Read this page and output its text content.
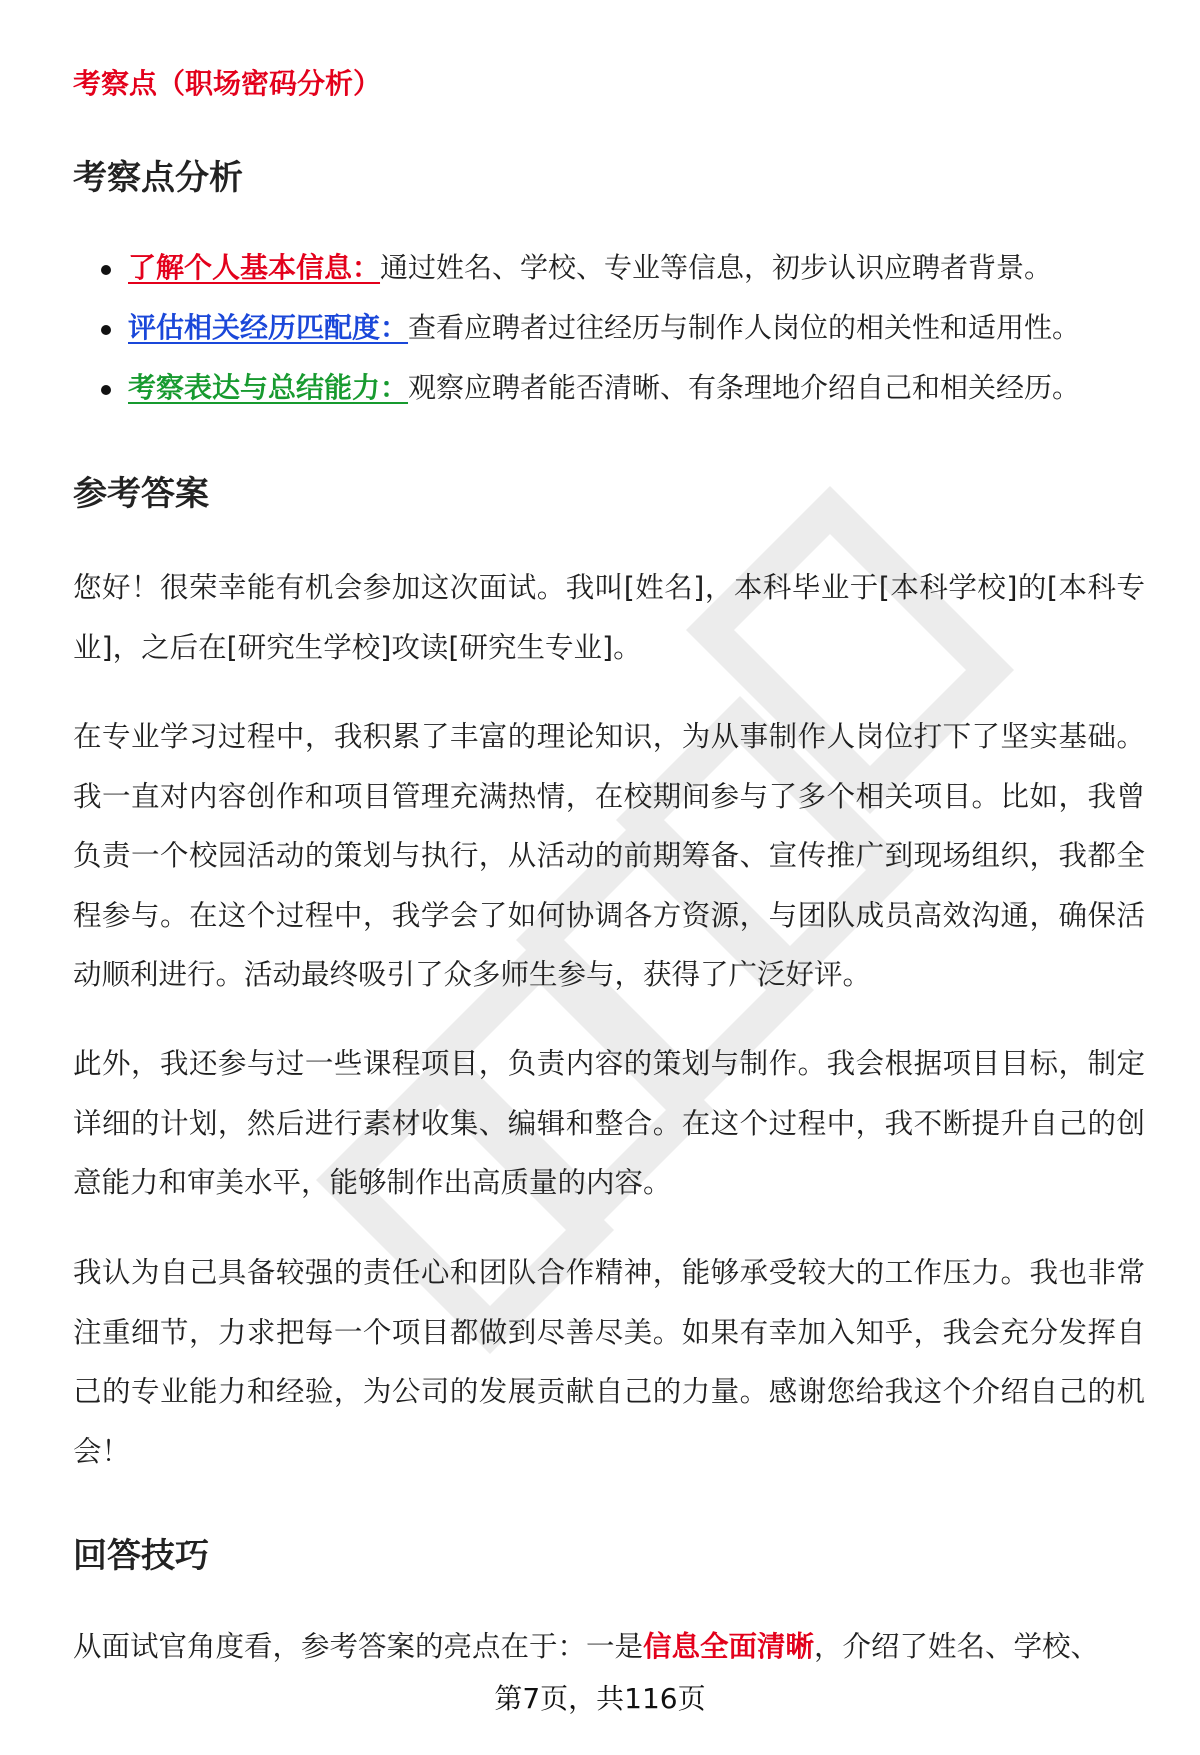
考察点（职场密码分析）
考察点分析
了解个人基本信息：通过姓名、学校、专业等信息，初步认识应聘者背景。
评估相关经历匹配度：查看应聘者过往经历与制作人岗位的相关性和适用性。
考察表达与总结能力：观察应聘者能否清晰、有条理地介绍自己和相关经历。
参考答案

您好！很荣幸能有机会参加这次面试。我叫[姓名]，本科毕业于[本科学校]的[本科专业]，之后在[研究生学校]攻读[研究生专业]。

在专业学习过程中，我积累了丰富的理论知识，为从事制作人岗位打下了坚实基础。我一直对内容创作和项目管理充满热情，在校期间参与了多个相关项目。比如，我曾负责一个校园活动的策划与执行，从活动的前期筹备、宣传推广到现场组织，我都全程参与。在这个过程中，我学会了如何协调各方资源，与团队成员高效沟通，确保活动顺利进行。活动最终吸引了众多师生参与，获得了广泛好评。

此外，我还参与过一些课程项目，负责内容的策划与制作。我会根据项目目标，制定详细的计划，然后进行素材收集、编辑和整合。在这个过程中，我不断提升自己的创意能力和审美水平，能够制作出高质量的内容。

我认为自己具备较强的责任心和团队合作精神，能够承受较大的工作压力。我也非常注重细节，力求把每一个项目都做到尽善尽美。如果有幸加入知乎，我会充分发挥自己的专业能力和经验，为公司的发展贡献自己的力量。感谢您给我这个介绍自己的机会！

回答技巧

从面试官角度看，参考答案的亮点在于：一是信息全面清晰，介绍了姓名、学校、

第7页，共116页
